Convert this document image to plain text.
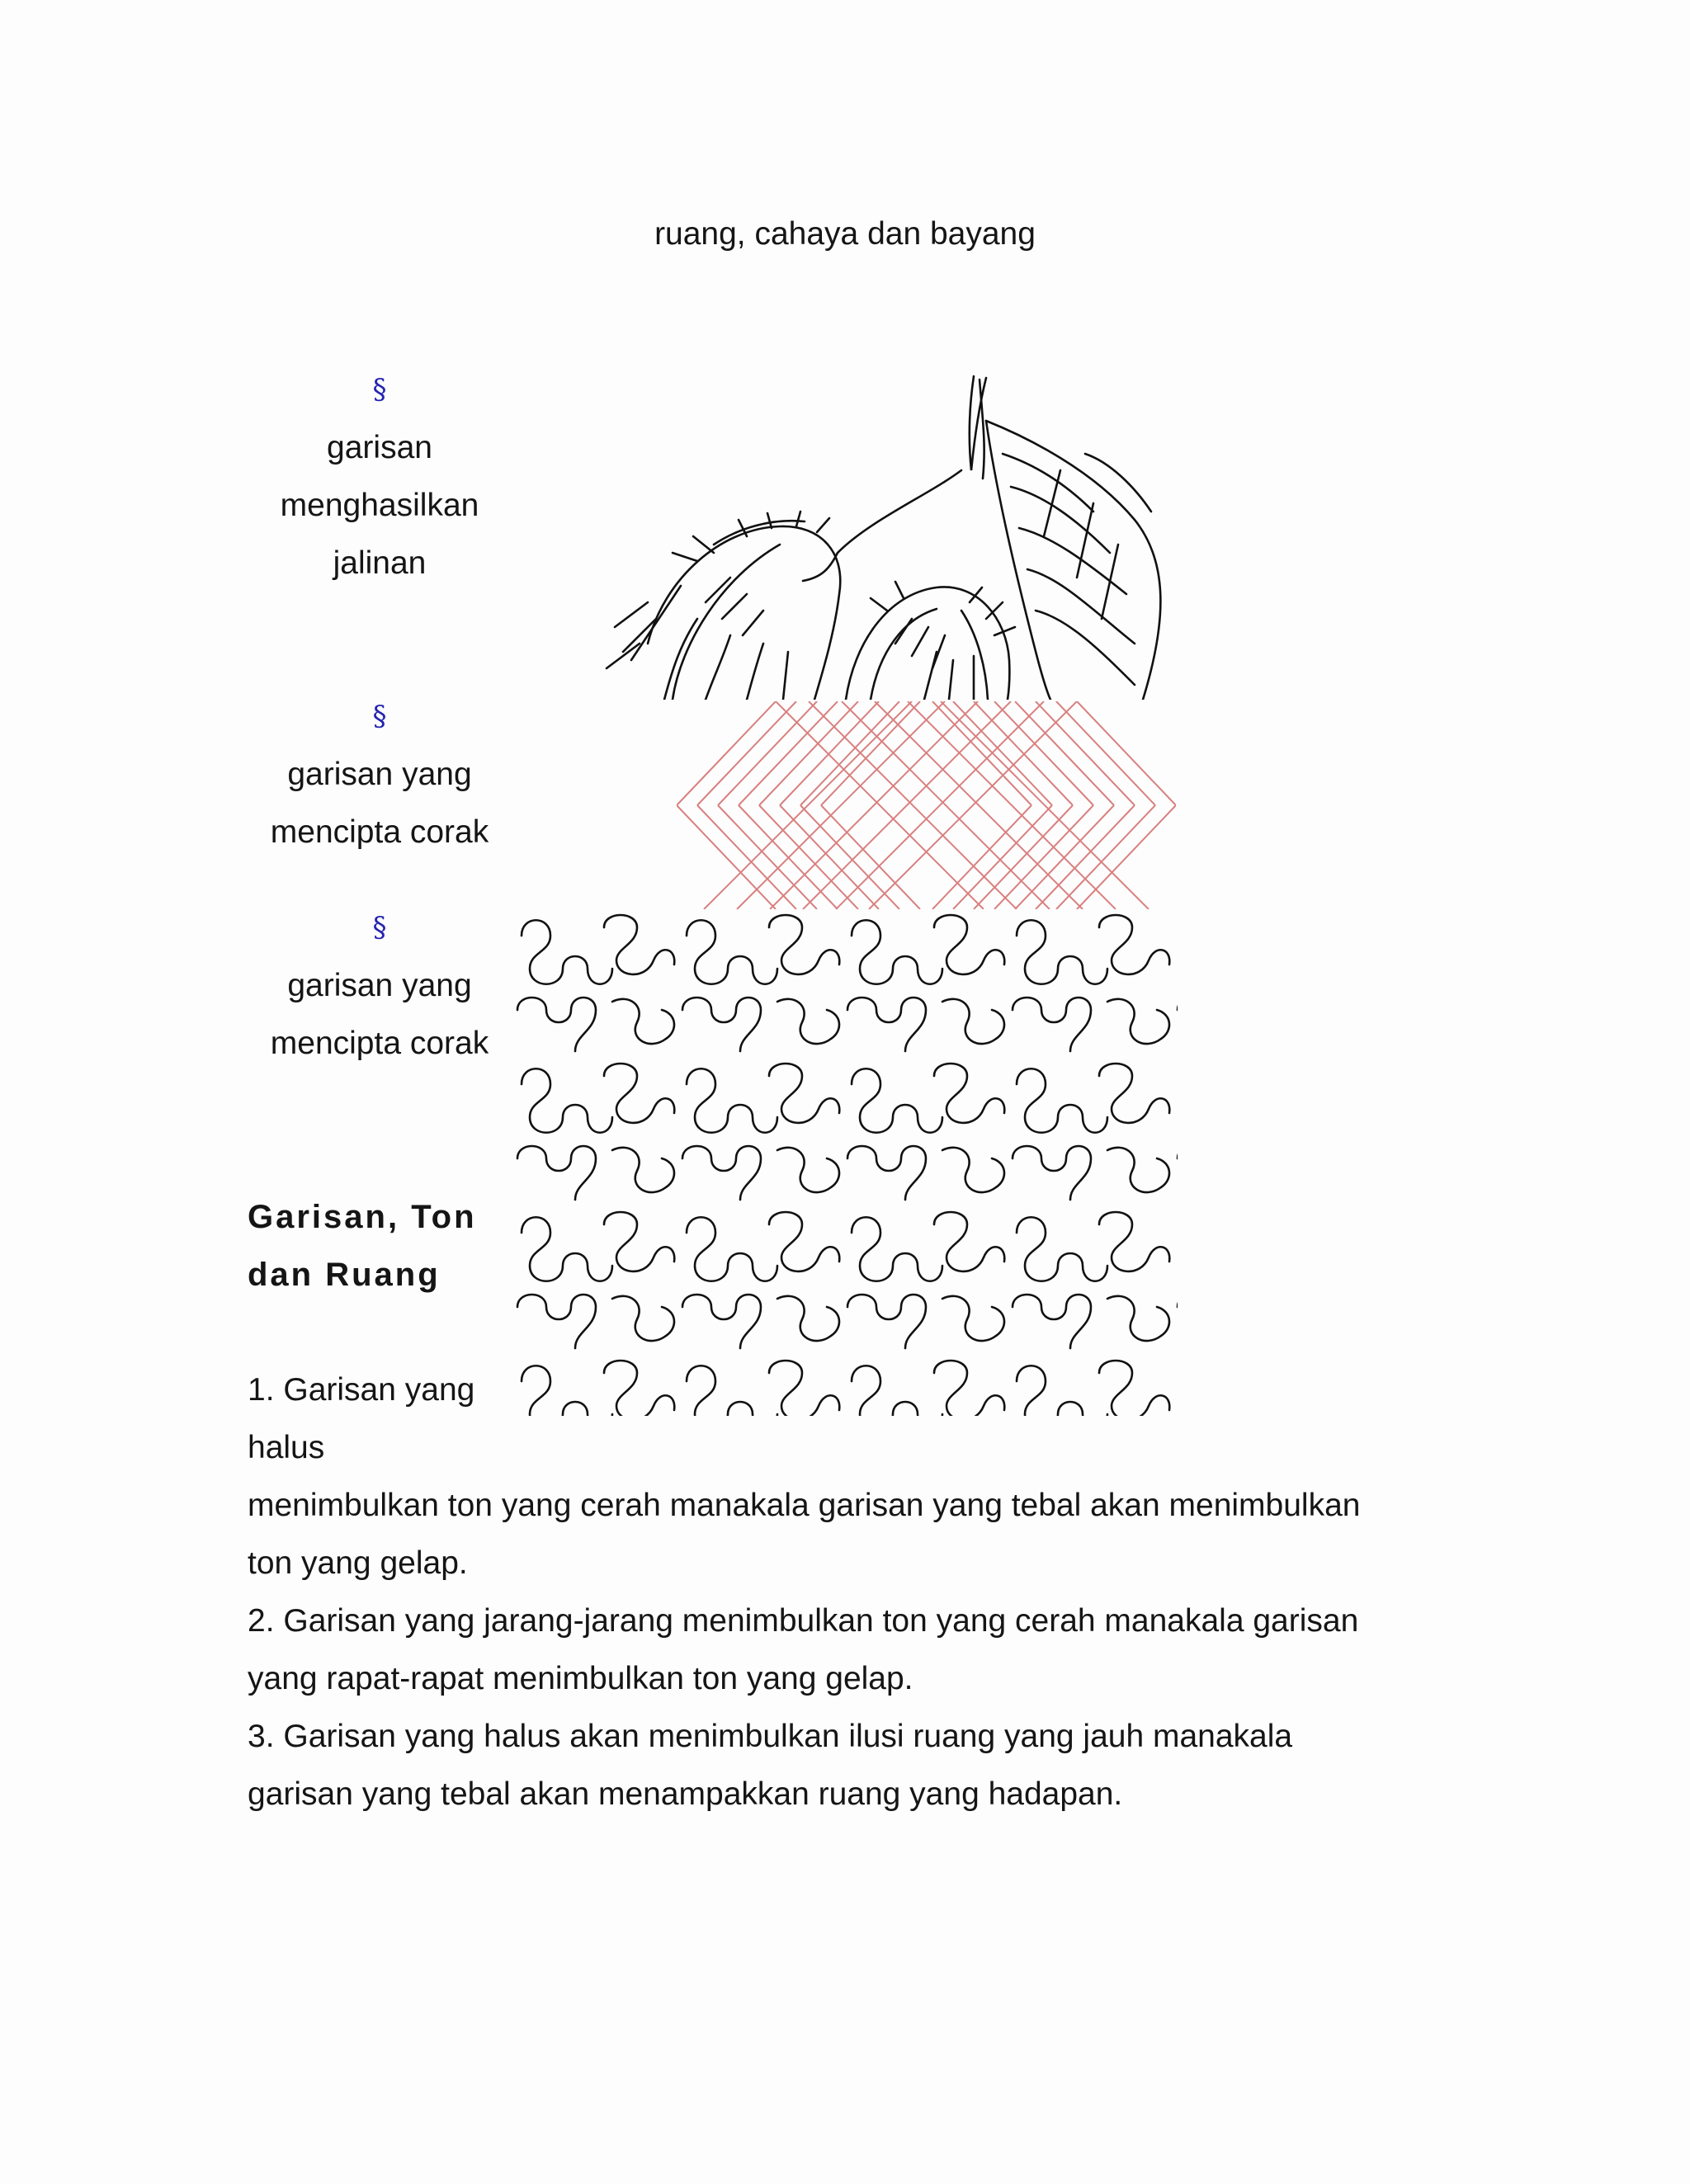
ruang, cahaya dan bayang
§
garisan
menghasilkan
jalinan
§
garisan yang
mencipta corak
§
garisan yang
mencipta corak
Garisan, Ton
dan Ruang
1. Garisan yang
halus
menimbulkan ton yang cerah manakala garisan yang tebal akan menimbulkan
ton yang gelap.
2. Garisan yang jarang-jarang menimbulkan ton yang cerah manakala garisan
yang rapat-rapat menimbulkan ton yang gelap.
3. Garisan yang halus akan menimbulkan ilusi ruang yang jauh manakala
garisan yang tebal akan menampakkan ruang yang hadapan.
